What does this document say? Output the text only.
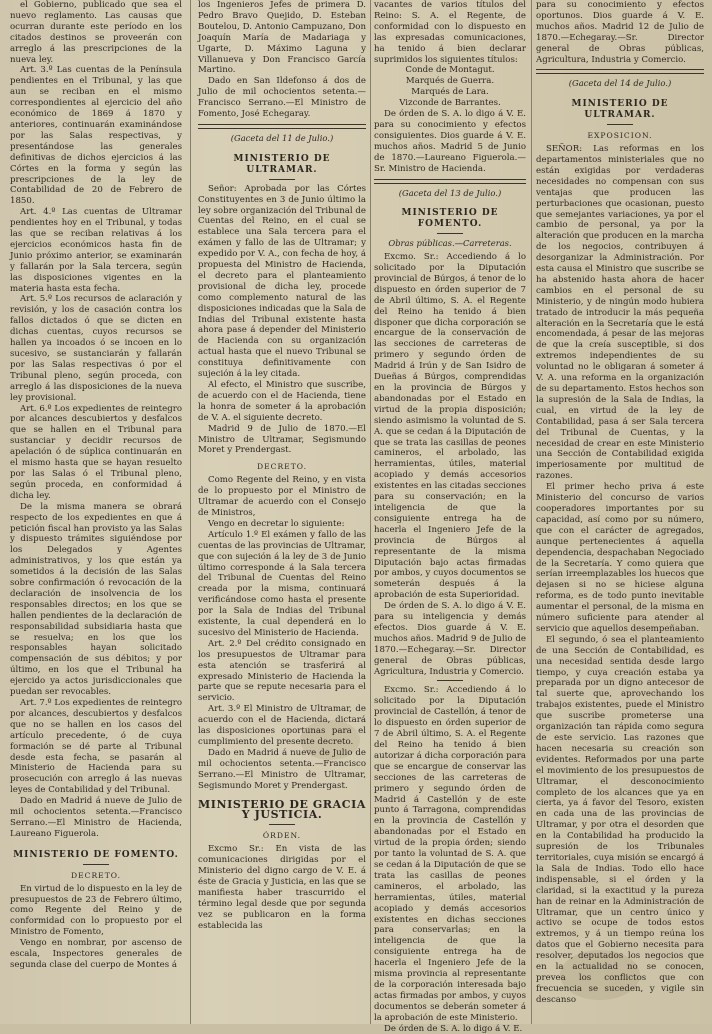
el Gobierno, publicado que sea el nuevo reglamento. Las causas que ocurran durante este período en los citados destinos se proveerán con arreglo á las prescripciones de la nueva ley.

Art. 3.º Las cuentas de la Península pendientes en el Tribunal, y las que aun se reciban en el mismo correspondientes al ejercicio del año económico de 1869 á 1870 y anteriores, continuarán examinándose por las Salas respectivas, y presentándose las generales definitivas de dichos ejercicios á las Córtes en la forma y según las prescripciones de la ley de Contabilidad de 20 de Febrero de 1850.

Art. 4.º Las cuentas de Ultramar pendientes hoy en el Tribunal, y todas las que se reciban relativas á los ejercicios económicos hasta fin de Junio próximo anterior, se examinarán y fallarán por la Sala tercera, según las disposiciones vigentes en la materia hasta esta fecha.

Art. 5.º Los recursos de aclaración y revisión, y los de casación contra los fallos dictados ó que se dicten en dichas cuentas, cuyos recursos se hallen ya incoados ó se incoen en lo sucesivo, se sustanciarán y fallarán por las Salas respectivas ó por el Tribunal pleno, según proceda, con arreglo á las disposiciones de la nueva ley provisional.

Art. 6.º Los expedientes de reintegro por alcances descubiertos y desfalcos que se hallen en el Tribunal para sustanciar y decidir recursos de apelación ó de súplica continuarán en el mismo hasta que se hayan resuelto por las Salas ó el Tribunal pleno, según proceda, en conformidad á dicha ley.

De la misma manera se obrará respecto de los expedientes en que á petición fiscal han provisto ya las Salas y dispuesto trámites siguiéndose por los Delegados y Agentes administrativos, y los que están ya sometidos á la decisión de las Salas sobre confirmación ó revocación de la declaración de insolvencia de los responsables directos; en los que se hallen pendientes de la declaración de responsabilidad subsidiaria hasta que se resuelva; en los que los responsables hayan solicitado compensación de sus débitos; y por último, en los que el Tribunal ha ejercido ya actos jurisdiccionales que puedan ser revocables.

Art. 7.º Los expedientes de reintegro por alcances, descubiertos y desfalcos que no se hallen en los casos del artículo precedente, ó de cuya formación se dé parte al Tribunal desde esta fecha, se pasarán al Ministerio de Hacienda para su prosecución con arreglo á las nuevas leyes de Contabilidad y del Tribunal.

Dado en Madrid á nueve de Julio de mil ochocientos setenta.—Francisco Serrano.—El Ministro de Hacienda, Laureano Figuerola.

MINISTERIO DE FOMENTO.
DECRETO.

En virtud de lo dispuesto en la ley de presupuestos de 23 de Febrero último, como Regente del Reino y de conformidad con lo propuesto por el Ministro de Fomento,

Vengo en nombrar, por ascenso de escala, Inspectores generales de segunda clase del cuerpo de Montes á

los Ingenieros Jefes de primera D. Pedro Bravo Quejido, D. Esteban Boutelou, D. Antonio Campuzano, Don Joaquín María de Madariaga y Ugarte, D. Máximo Laguna y Villanueva y Don Francisco García Martino.

Dado en San Ildefonso á dos de Julio de mil ochocientos setenta.—Francisco Serrano.—El Ministro de Fomento, José Echegaray.

(Gaceta del 11 de Julio.)
MINISTERIO DE ULTRAMAR.

Señor: Aprobada por las Córtes Constituyentes en 3 de Junio último la ley sobre organización del Tribunal de Cuentas del Reino, en el cual se establece una Sala tercera para el exámen y fallo de las de Ultramar; y expedido por V. A., con fecha de hoy, á propuesta del Ministro de Hacienda, el decreto para el planteamiento provisional de dicha ley, procede como complemento natural de las disposiciones indicadas que la Sala de Indias del Tribunal existente hasta ahora pase á depender del Ministerio de Hacienda con su organización actual hasta que el nuevo Tribunal se constituya definitivamente con sujeción á la ley citada.

Al efecto, el Ministro que suscribe, de acuerdo con el de Hacienda, tiene la honra de someter á la aprobación de V. A. el siguiente decreto.

Madrid 9 de Julio de 1870.—El Ministro de Ultramar, Segismundo Moret y Prendergast.

DECRETO.

Como Regente del Reino, y en vista de lo propuesto por el Ministro de Ultramar de acuerdo con el Consejo de Ministros,

Vengo en decretar lo siguiente:

Artículo 1.º El exámen y fallo de las cuentas de las provincias de Ultramar, que con sujeción á la ley de 3 de Junio último corresponde á la Sala tercera del Tribunal de Cuentas del Reino creada por la misma, continuará verificándose como hasta el presente por la Sala de Indias del Tribunal existente, la cual dependerá en lo sucesivo del Ministerio de Hacienda.

Art. 2.º Del crédito consignado en los presupuestos de Ultramar para esta atención se trasferirá al expresado Ministerio de Hacienda la parte que se repute necesaria para el servicio.

Art. 3.º El Ministro de Ultramar, de acuerdo con el de Hacienda, dictará las disposiciones oportunas para el cumplimiento del presente decreto.

Dado en Madrid á nueve de Julio de mil ochocientos setenta.—Francisco Serrano.—El Ministro de Ultramar, Segismundo Moret y Prendergast.

MINISTERIO DE GRACIA Y JUSTICIA.
ÓRDEN.

Excmo Sr.: En vista de las comunicaciones dirigidas por el Ministerio del digno cargo de V. E. á éste de Gracia y Justicia, en las que se manifiesta haber trascurrido el término legal desde que por segunda vez se publicaron en la forma establecida las

vacantes de varios títulos del Reino: S. A. el Regente, de conformidad con lo dispuesto en las expresadas comunicaciones, ha tenido á bien declarar suprimidos los siguientes títulos:

Conde de Montagut.

Marqués de Guerra.

Marqués de Lara.

Vizconde de Barrantes.

De órden de S. A. lo digo á V. E. para su conocimiento y efectos consiguientes. Dios guarde á V. E. muchos años. Madrid 5 de Junio de 1870.—Laureano Figuerola.—Sr. Ministro de Hacienda.

(Gaceta del 13 de Julio.)
MINISTERIO DE FOMENTO.
Obras públicas.—Carreteras.

Excmo. Sr.: Accediendo á lo solicitado por la Diputación provincial de Búrgos, á tenor de lo dispuesto en órden superior de 7 de Abril último, S. A. el Regente del Reino ha tenido á bien disponer que dicha corporación se encargue de la conservación de las secciones de carreteras de primero y segundo órden de Madrid á Irún y de San Isidro de Dueñas á Búrgos, comprendidas en la provincia de Búrgos y abandonadas por el Estado en virtud de la propia disposición; siendo asimismo la voluntad de S. A. que se cedan á la Diputación de que se trata las casillas de peones camineros, el arbolado, las herramientas, útiles, material acopiado y demás accesorios existentes en las citadas secciones para su conservación; en la inteligencia de que la consiguiente entrega ha de hacerla el Ingeniero Jefe de la provincia de Búrgos al representante de la misma Diputación bajo actas firmadas por ambos, y cuyos documentos se someterán después á la aprobación de esta Superioridad.

De órden de S. A. lo digo á V. E. para su inteligencia y demás efectos. Dios guarde á V. E. muchos años. Madrid 9 de Julio de 1870.—Echegaray.—Sr. Director general de Obras públicas, Agricultura, Industria y Comercio.

Excmo. Sr.: Accediendo á lo solicitado por la Diputación provincial de Castellón, á tenor de lo dispuesto en órden superior de 7 de Abril último, S. A. el Regente del Reino ha tenido á bien autorizar á dicha corporación para que se encargue de conservar las secciones de las carreteras de primero y segundo órden de Madrid á Castellón y de este punto á Tarragona, comprendidas en la provincia de Castellón y abandonadas por el Estado en virtud de la propia órden; siendo por tanto la voluntad de S. A. que se cedan á la Diputación de que se trata las casillas de peones camineros, el arbolado, las herramientas, útiles, material acopiado y demás accesorios existentes en dichas secciones para conservarlas; en la inteligencia de que la consiguiente entrega ha de hacerla el Ingeniero Jefe de la misma provincia al representante de la corporación interesada bajo actas firmadas por ambos, y cuyos documentos se deberán someter á la aprobación de este Ministerio.

De órden de S. A. lo digo á V. E.

para su conocimiento y efectos oportunos. Dios guarde á V. E. muchos años. Madrid 12 de Julio de 1870.—Echegaray.—Sr. Director general de Obras públicas, Agricultura, Industria y Comercio.

(Gaceta del 14 de Julio.)
MINISTERIO DE ULTRAMAR.
EXPOSICION.

SEÑOR: Las reformas en los departamentos ministeriales que no están exigidas por verdaderas necesidades no compensan con sus ventajas que producen las perturbaciones que ocasionan, puesto que semejantes variaciones, ya por el cambio de personal, ya por la alteración que producen en la marcha de los negocios, contribuyen á desorganizar la Administración. Por esta causa el Ministro que suscribe se ha abstenido hasta ahora de hacer cambios en el personal de su Ministerio, y de ningún modo hubiera tratado de introducir la más pequeña alteración en la Secretaría que le está encomendada, á pesar de las mejoras de que la creía susceptible, si dos extremos independientes de su voluntad no le obligaran á someter á V. A. una reforma en la organización de su departamento. Estos hechos son la supresión de la Sala de Indias, la cual, en virtud de la ley de Contabilidad, pasa á ser Sala tercera del Tribunal de Cuentas, y la necesidad de crear en este Ministerio una Sección de Contabilidad exigida imperiosamente por multitud de razones.

El primer hecho priva á este Ministerio del concurso de varios cooperadores importantes por su capacidad, así como por su número, que con el carácter de agregados, aunque pertenecientes á aquella dependencia, despachaban Negociado de la Secretaría. Y como quiera que serían irreemplazables los huecos que dejasen si no se hiciese alguna reforma, es de todo punto inevitable aumentar el personal, de la misma en número suficiente para atender al servicio que aquellos desempeñaban.

El segundo, ó sea el planteamiento de una Sección de Contabilidad, es una necesidad sentida desde largo tiempo, y cuya creación estaba ya preparada por un digno antecesor de tal suerte que, aprovechando los trabajos existentes, puede el Ministro que suscribe prometerse una organización tan rápida como segura de este servicio. Las razones que hacen necesaria su creación son evidentes. Reformados por una parte el movimiento de los presupuestos de Ultramar, el desconocimiento completo de los alcances que ya en cierta, ya á favor del Tesoro, existen en cada una de las provincias de Ultramar, y por otra el desorden que en la Contabilidad ha producido la supresión de los Tribunales territoriales, cuya misión se encargó á la Sala de Indias. Todo ello hace indispensable, si el órden y la claridad, si la exactitud y la pureza han de reinar en la Administración de Ultramar, que un centro único y activo se ocupe de todos estos extremos, y á un tiempo reúna los datos que el Gobierno necesita para resolver, deputados los negocios que en la actualidad no se conocen, prevea los conflictos que con frecuencia se suceden, y vigile sin descanso
